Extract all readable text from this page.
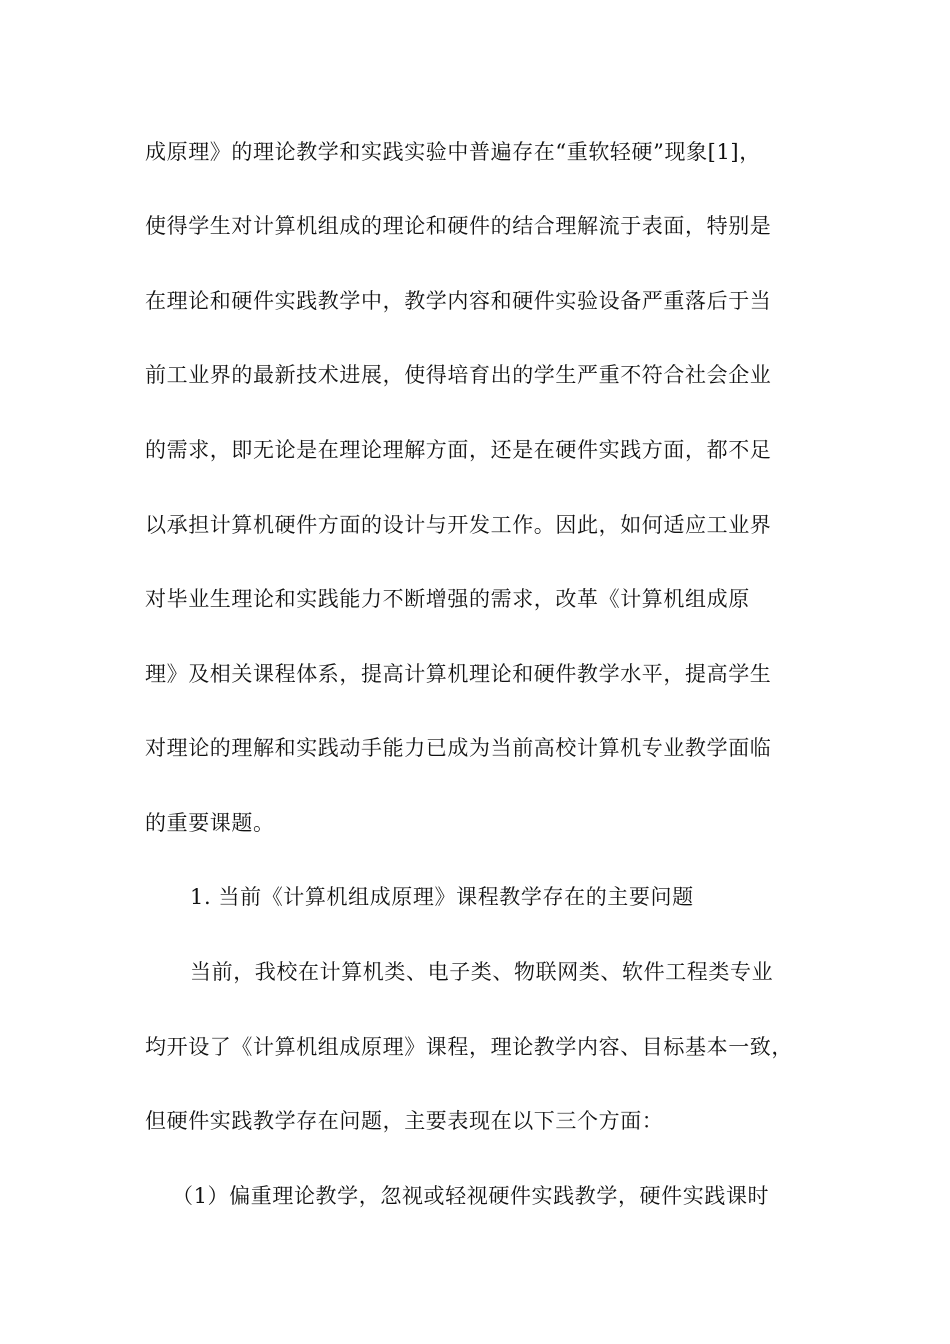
成原理》的理论教学和实践实验中普遍存在“重软轻硬”现象[1]，
使得学生对计算机组成的理论和硬件的结合理解流于表面，特别是
在理论和硬件实践教学中，教学内容和硬件实验设备严重落后于当
前工业界的最新技术进展，使得培育出的学生严重不符合社会企业
的需求，即无论是在理论理解方面，还是在硬件实践方面，都不足
以承担计算机硬件方面的设计与开发工作。因此，如何适应工业界
对毕业生理论和实践能力不断增强的需求，改革《计算机组成原
理》及相关课程体系，提高计算机理论和硬件教学水平，提高学生
对理论的理解和实践动手能力已成为当前高校计算机专业教学面临
的重要课题。
1. 当前《计算机组成原理》课程教学存在的主要问题
当前，我校在计算机类、电子类、物联网类、软件工程类专业
均开设了《计算机组成原理》课程，理论教学内容、目标基本一致，
但硬件实践教学存在问题，主要表现在以下三个方面：
（1）偏重理论教学，忽视或轻视硬件实践教学，硬件实践课时
